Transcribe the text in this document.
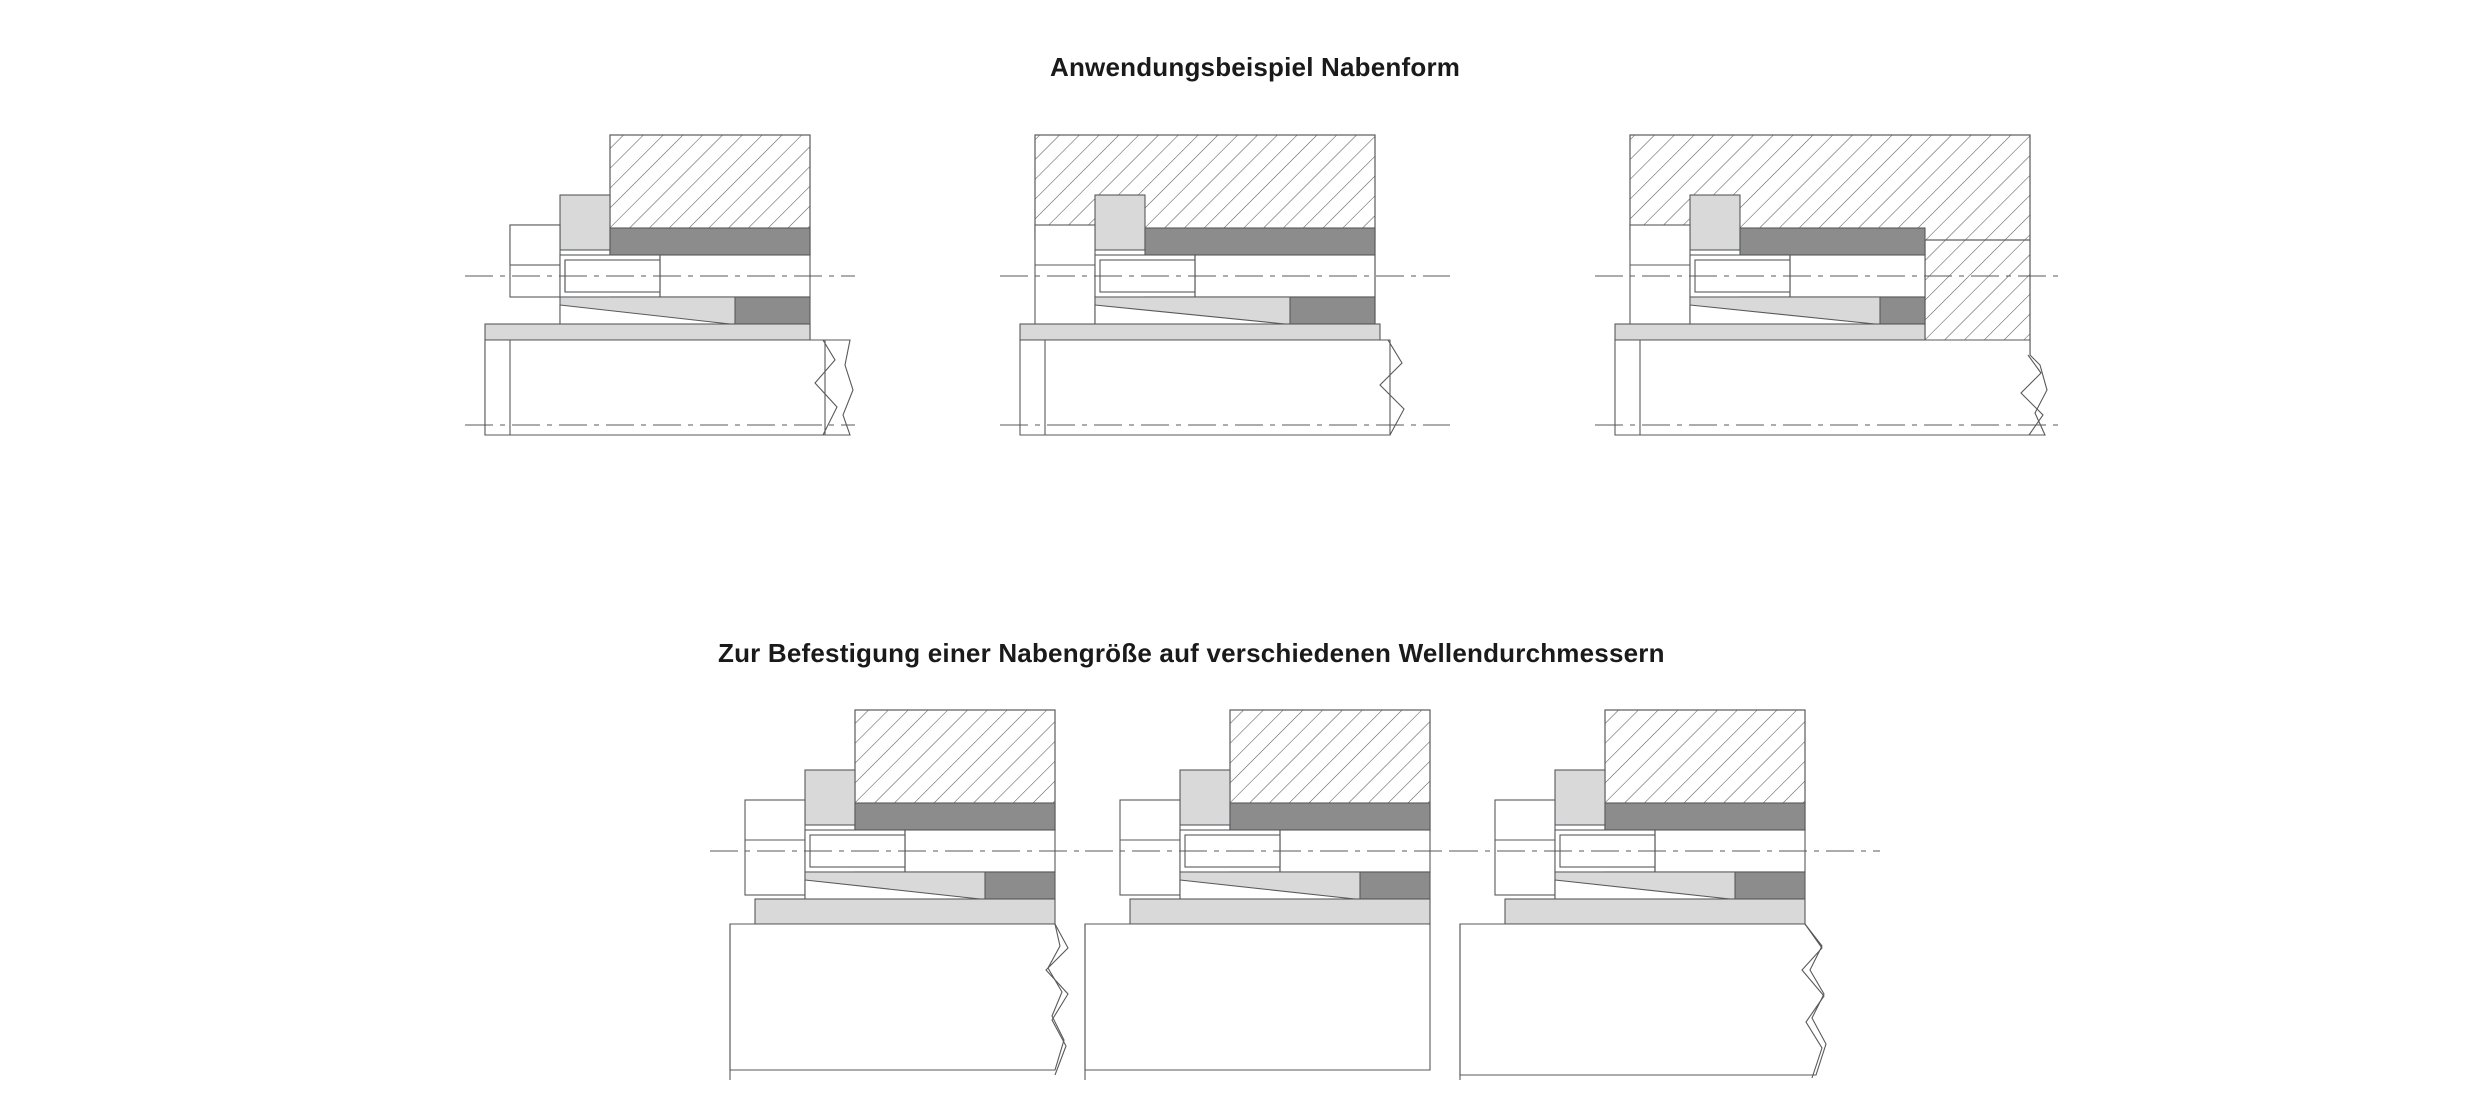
Anwendungsbeispiel Nabenform
Zur Befestigung einer Nabengröße auf verschiedenen Wellendurchmessern
